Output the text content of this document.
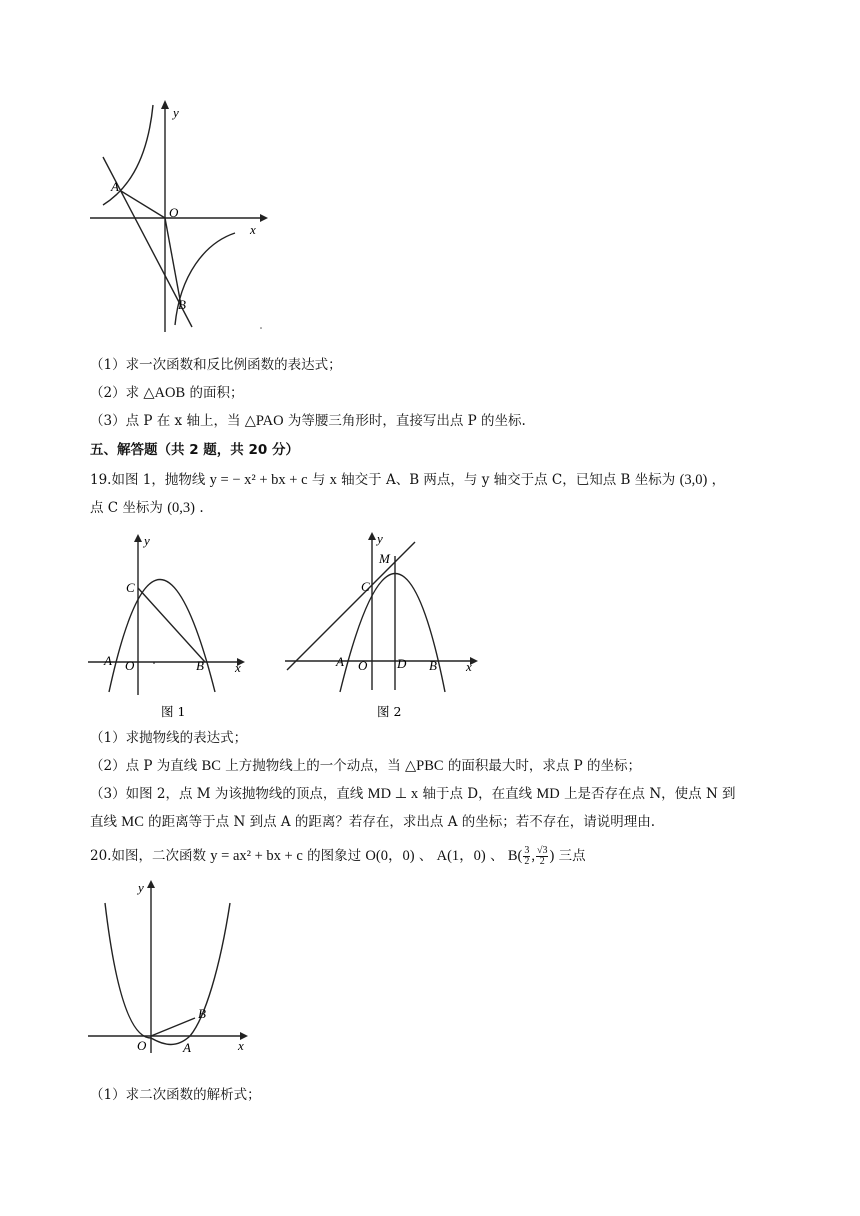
y
x
O
A
B
（1）求一次函数和反比例函数的表达式；
（2）求 △AOB 的面积；
（3）点 P 在 x 轴上，当 △PAO 为等腰三角形时，直接写出点 P 的坐标.
五、解答题（共 2 题，共 20 分）
19.如图 1，抛物线 y = − x² + bx + c 与 x 轴交于 A、B 两点，与 y 轴交于点 C，已知点 B 坐标为 (3,0) ，
点 C 坐标为 (0,3) .
y
x
C
A O	B
图 1
y
x
M
C
A O D B
图 2
（1）求抛物线的表达式；
（2）点 P 为直线 BC 上方抛物线上的一个动点，当 △PBC 的面积最大时，求点 P 的坐标；
（3）如图 2，点 M 为该抛物线的顶点，直线 MD ⊥ x 轴于点 D，在直线 MD 上是否存在点 N，使点 N 到
直线 MC 的距离等于点 N 到点 A 的距离？若存在，求出点 A 的坐标；若不存在，请说明理由.
20.如图，二次函数 y = ax² + bx + c 的图象过 O(0，0) 、 A(1，0) 、 $B( \frac{3}{2}$ , $\frac{√3}{2}$ ) 三点
y
x
O	A
B
（1）求二次函数的解析式；
